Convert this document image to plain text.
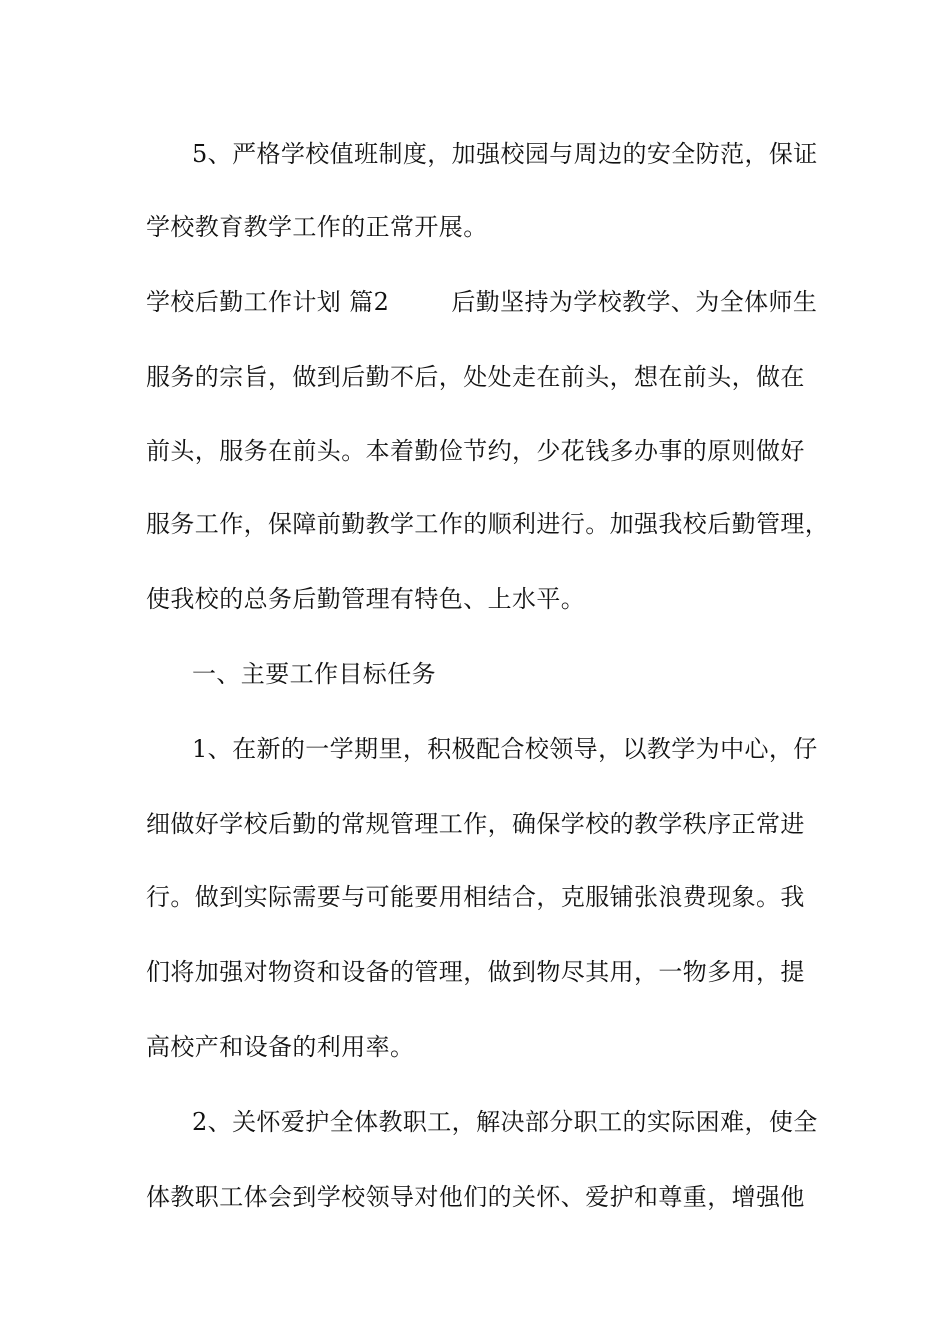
5、严格学校值班制度，加强校园与周边的安全防范，保证
学校教育教学工作的正常开展。
学校后勤工作计划 篇2	后勤坚持为学校教学、为全体师生
服务的宗旨，做到后勤不后，处处走在前头，想在前头，做在
前头，服务在前头。本着勤俭节约，少花钱多办事的原则做好
服务工作，保障前勤教学工作的顺利进行。加强我校后勤管理，
使我校的总务后勤管理有特色、上水平。
一、主要工作目标任务
1、在新的一学期里，积极配合校领导，以教学为中心，仔
细做好学校后勤的常规管理工作，确保学校的教学秩序正常进
行。做到实际需要与可能要用相结合，克服铺张浪费现象。我
们将加强对物资和设备的管理，做到物尽其用，一物多用，提
高校产和设备的利用率。
2、关怀爱护全体教职工，解决部分职工的实际困难，使全
体教职工体会到学校领导对他们的关怀、爱护和尊重，增强他
